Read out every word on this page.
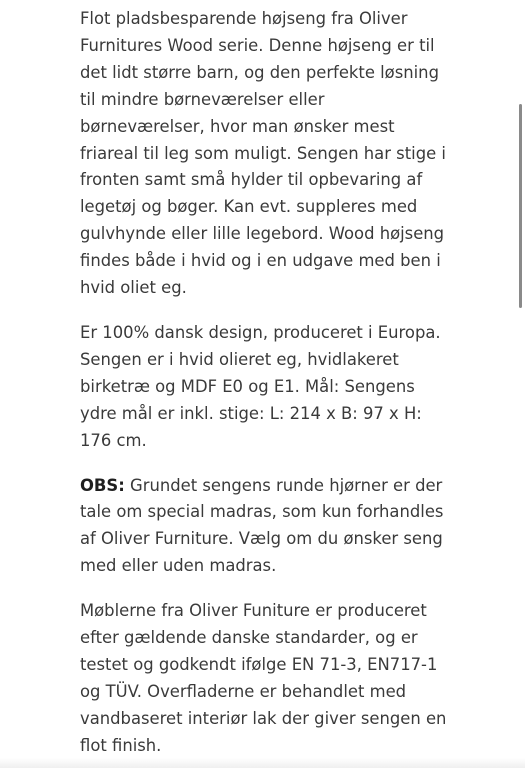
Flot pladsbesparende højseng fra Oliver Furnitures Wood serie. Denne højseng er til det lidt større barn, og den perfekte løsning til mindre børneværelser eller børneværelser, hvor man ønsker mest friareal til leg som muligt. Sengen har stige i fronten samt små hylder til opbevaring af legetøj og bøger. Kan evt. suppleres med gulvhynde eller lille legebord. Wood højseng findes både i hvid og i en udgave med ben i hvid oliet eg.

Er 100% dansk design, produceret i Europa. Sengen er i hvid olieret eg, hvidlakeret birketræ og MDF E0 og E1. Mål: Sengens ydre mål er inkl. stige: L: 214 x B: 97 x H: 176 cm.

OBS: Grundet sengens runde hjørner er der tale om special madras, som kun forhandles af Oliver Furniture. Vælg om du ønsker seng med eller uden madras.

Møblerne fra Oliver Funiture er produceret efter gældende danske standarder, og er testet og godkendt ifølge EN 71-3, EN717-1 og TÜV. Overfladerne er behandlet med vandbaseret interiør lak der giver sengen en flot finish.
